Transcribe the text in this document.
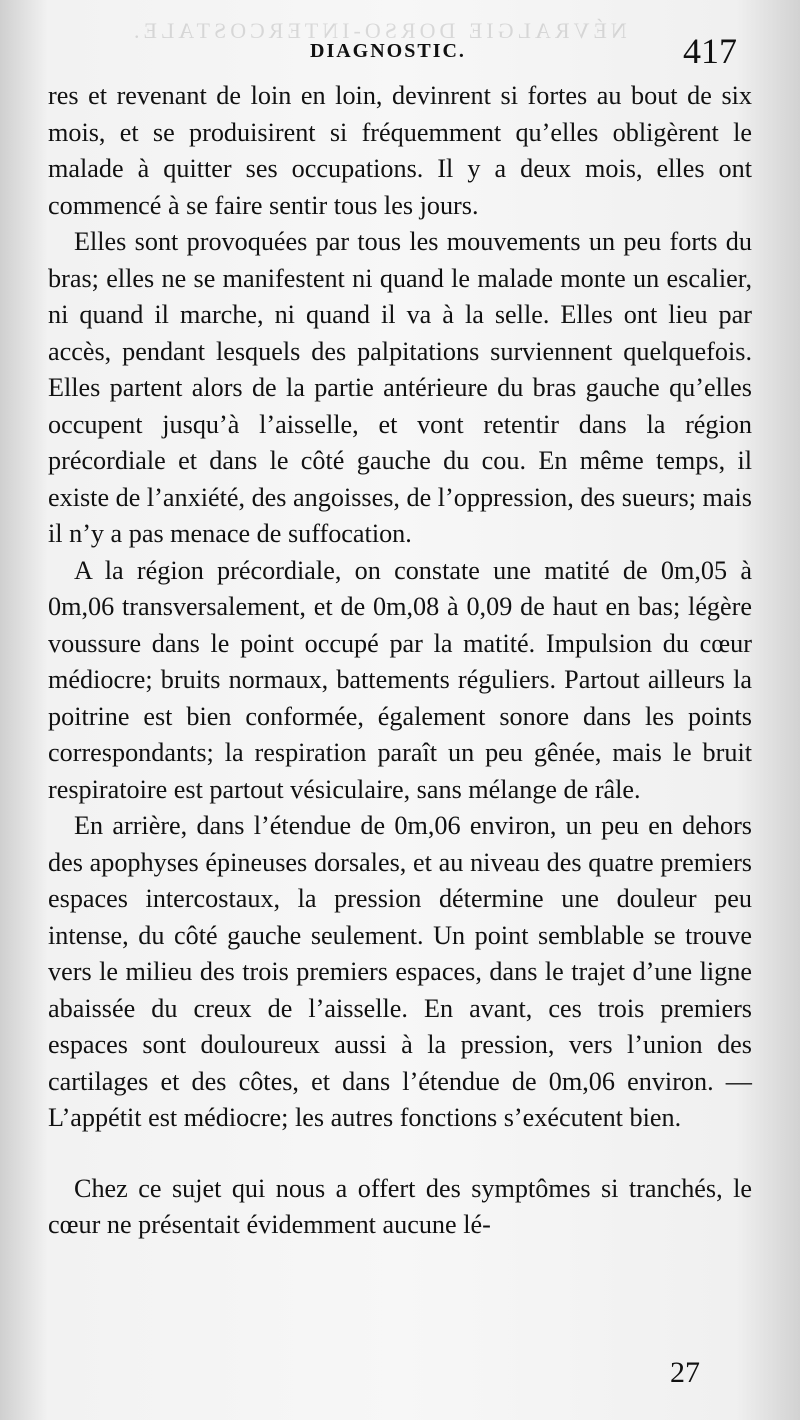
NÉVRALGIE DORSO-INTERCOSTALE.
DIAGNOSTIC.	417

res et revenant de loin en loin, devinrent si fortes au bout de six mois, et se produisirent si fréquemment qu’elles obligèrent le malade à quitter ses occupations. Il y a deux mois, elles ont commencé à se faire sentir tous les jours.

Elles sont provoquées par tous les mouvements un peu forts du bras; elles ne se manifestent ni quand le malade monte un escalier, ni quand il marche, ni quand il va à la selle. Elles ont lieu par accès, pendant lesquels des palpitations surviennent quelquefois. Elles partent alors de la partie antérieure du bras gauche qu’elles occupent jusqu’à l’aisselle, et vont retentir dans la région précordiale et dans le côté gauche du cou. En même temps, il existe de l’anxiété, des angoisses, de l’oppression, des sueurs; mais il n’y a pas menace de suffocation.

A la région précordiale, on constate une matité de 0m,05 à 0m,06 transversalement, et de 0m,08 à 0,09 de haut en bas; légère voussure dans le point occupé par la matité. Impulsion du cœur médiocre; bruits normaux, battements réguliers. Partout ailleurs la poitrine est bien conformée, également sonore dans les points correspondants; la respiration paraît un peu gênée, mais le bruit respiratoire est partout vésiculaire, sans mélange de râle.

En arrière, dans l’étendue de 0m,06 environ, un peu en dehors des apophyses épineuses dorsales, et au niveau des quatre premiers espaces intercostaux, la pression détermine une douleur peu intense, du côté gauche seulement. Un point semblable se trouve vers le milieu des trois premiers espaces, dans le trajet d’une ligne abaissée du creux de l’aisselle. En avant, ces trois premiers espaces sont douloureux aussi à la pression, vers l’union des cartilages et des côtes, et dans l’étendue de 0m,06 environ. — L’appétit est médiocre; les autres fonctions s’exécutent bien.

Chez ce sujet qui nous a offert des symptômes si tranchés, le cœur ne présentait évidemment aucune lé-

27
